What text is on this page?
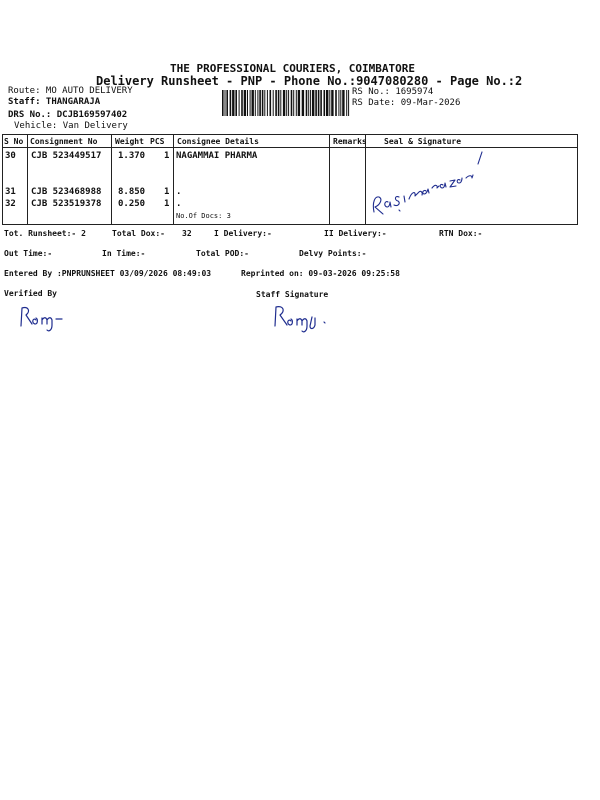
THE PROFESSIONAL COURIERS, COIMBATORE
Delivery Runsheet - PNP - Phone No.:9047080280 - Page No.:2
Route: MO AUTO DELIVERY
Staff: THANGARAJA
DRS No.: DCJB169597402
Vehicle: Van Delivery
RS No.: 1695974
RS Date: 09-Mar-2026
S No Consignment No Weight PCS Consignee Details	Remarks Seal & Signature
30 CJB 523449517 1.370 1 NAGAMMAI PHARMA
31 CJB 523468988 8.850 1 .
32 CJB 523519378 0.250 1 .
No.Of Docs: 3
Tot. Runsheet:- 2	Total Dox:- 32	I Delivery:-	II Delivery:-	RTN Dox:-
Out Time:-	In Time:-	Total POD:-	Delvy Points:-
Entered By :PNPRUNSHEET 03/09/2026 08:49:03	Reprinted on: 09-03-2026 09:25:58
Verified By	Staff Signature
